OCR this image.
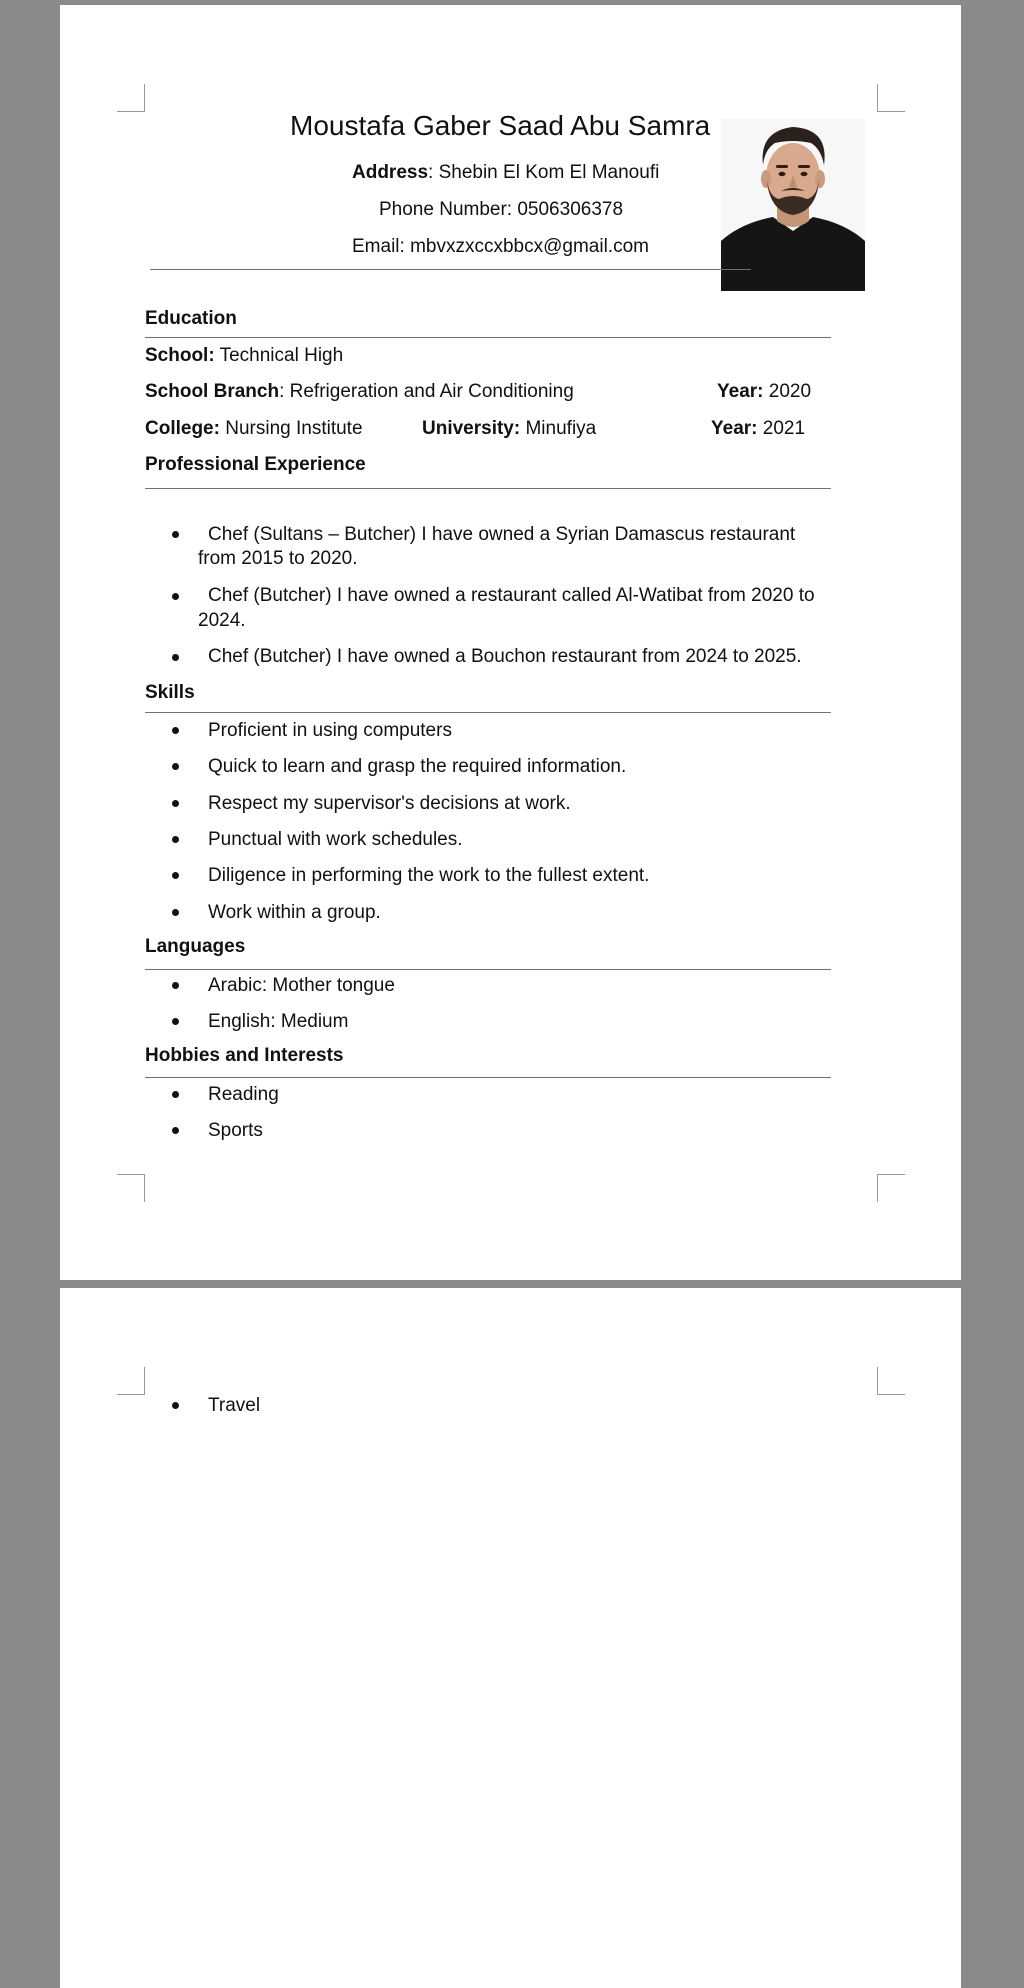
Moustafa Gaber Saad Abu Samra
Address: Shebin El Kom El Manoufi
Phone Number: 0506306378
Email: mbvxzxccxbbcx@gmail.com
Education
School: Technical High
School Branch: Refrigeration and Air Conditioning	Year: 2020
College: Nursing Institute	University: Minufiya	Year: 2021
Professional Experience
Chef (Sultans – Butcher) I have owned a Syrian Damascus restaurant
from 2015 to 2020.
Chef (Butcher) I have owned a restaurant called Al-Watibat from 2020 to
2024.
Chef (Butcher) I have owned a Bouchon restaurant from 2024 to 2025.
Skills
Proficient in using computers
Quick to learn and grasp the required information.
Respect my supervisor's decisions at work.
Punctual with work schedules.
Diligence in performing the work to the fullest extent.
Work within a group.
Languages
Arabic: Mother tongue
English: Medium
Hobbies and Interests
Reading
Sports
Travel
